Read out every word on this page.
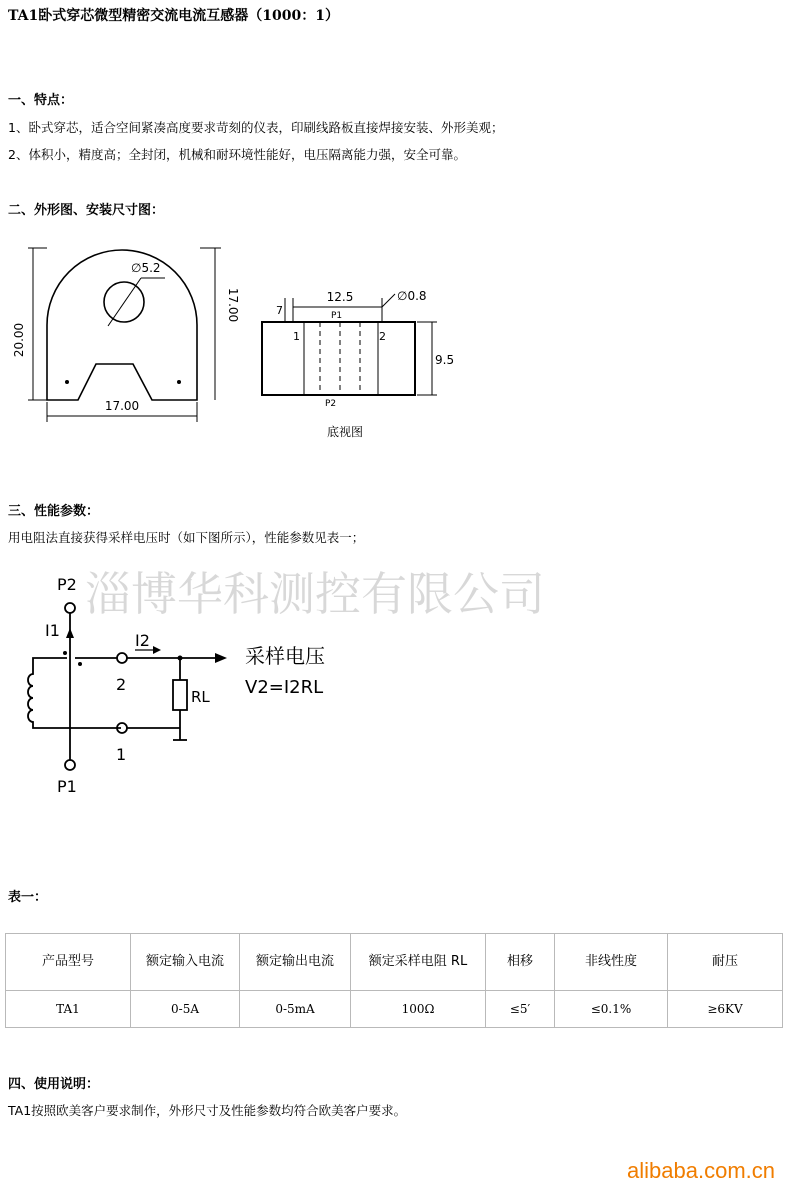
TA1卧式穿芯微型精密交流电流互感器（1000：1）
一、特点：
1、卧式穿芯，适合空间紧凑高度要求苛刻的仪表，印刷线路板直接焊接安装、外形美观；
2、体积小，精度高；全封闭，机械和耐环境性能好，电压隔离能力强，安全可靠。
二、外形图、安装尺寸图：
20.00
17.00
17.00
∅5.2
12.5	∅0.8
7
9.5
P1
P2
1	2
底视图
三、性能参数：
用电阻法直接获得采样电压时（如下图所示），性能参数见表一；
淄博华科测控有限公司
P2
P1
I1
I2
2
1
RL
采样电压
V2=I2RL
表一：
产品型号	额定输入电流	额定输出电流	额定采样电阻 RL	相移	非线性度	耐压
TA1	0-5A	0-5mA	100Ω	≤5′	≤0.1%	≥6KV
四、使用说明：
TA1按照欧美客户要求制作，外形尺寸及性能参数均符合欧美客户要求。
alibaba.com.cn
